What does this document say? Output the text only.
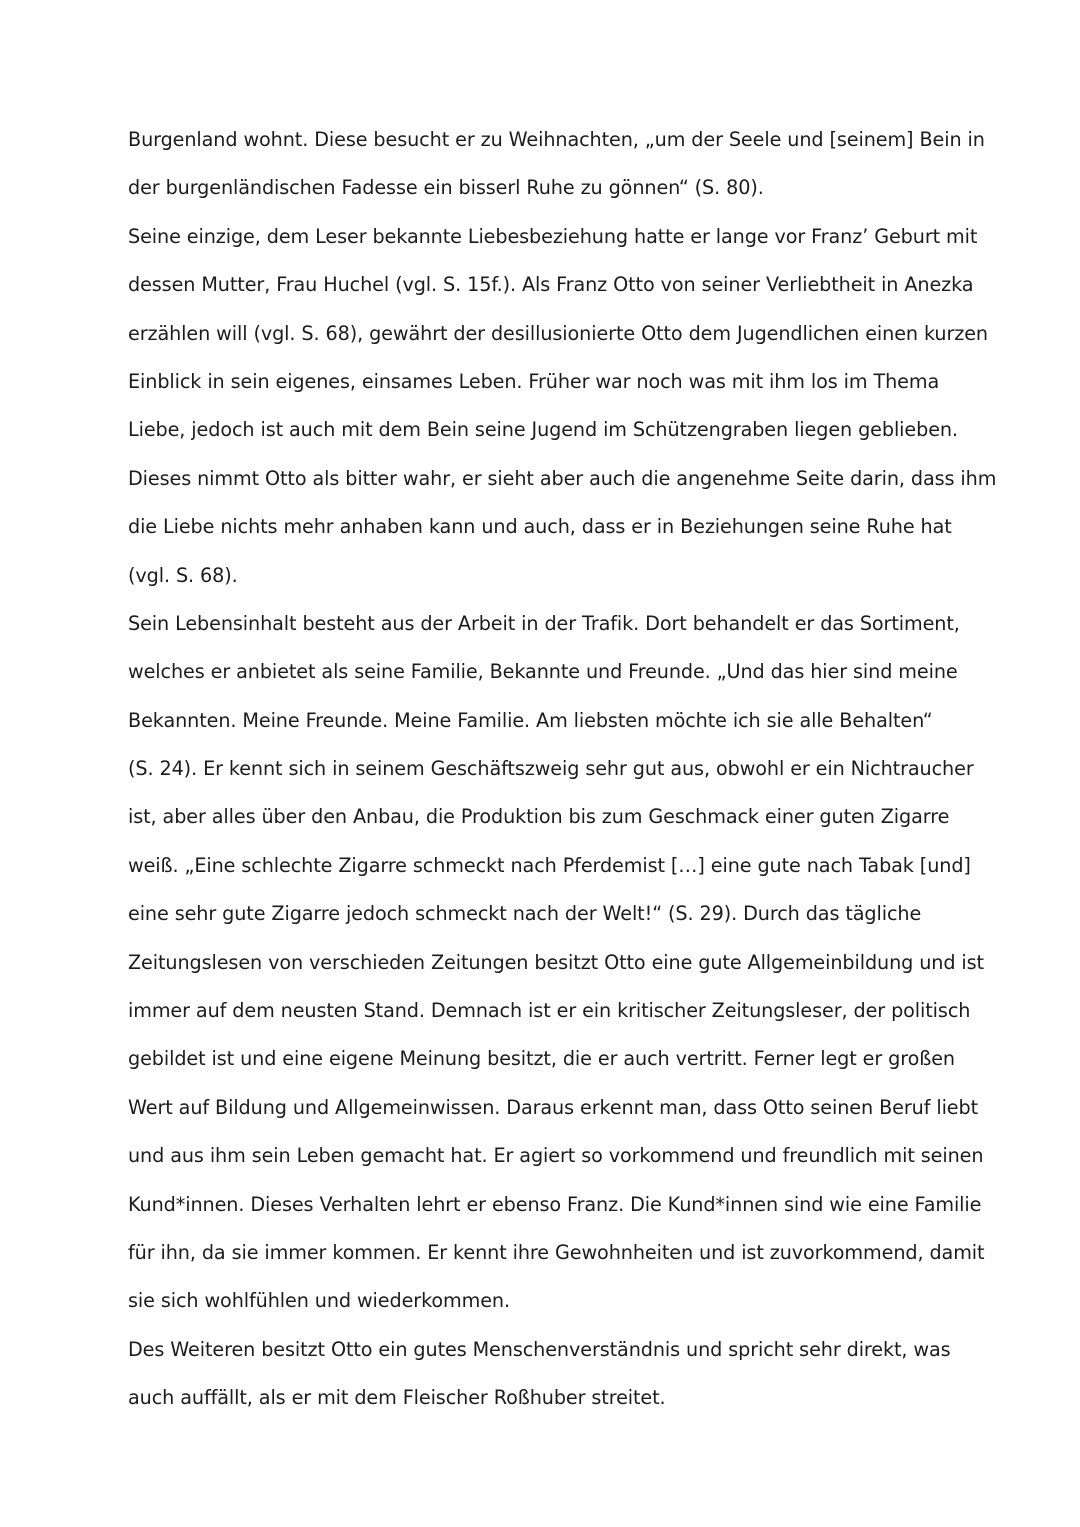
Burgenland wohnt. Diese besucht er zu Weihnachten, „um der Seele und [seinem] Bein in
der burgenländischen Fadesse ein bisserl Ruhe zu gönnen“ (S. 80).
Seine einzige, dem Leser bekannte Liebesbeziehung hatte er lange vor Franz’ Geburt mit
dessen Mutter, Frau Huchel (vgl. S. 15f.). Als Franz Otto von seiner Verliebtheit in Anezka
erzählen will (vgl. S. 68), gewährt der desillusionierte Otto dem Jugendlichen einen kurzen
Einblick in sein eigenes, einsames Leben. Früher war noch was mit ihm los im Thema
Liebe, jedoch ist auch mit dem Bein seine Jugend im Schützengraben liegen geblieben.
Dieses nimmt Otto als bitter wahr, er sieht aber auch die angenehme Seite darin, dass ihm
die Liebe nichts mehr anhaben kann und auch, dass er in Beziehungen seine Ruhe hat
(vgl. S. 68).
Sein Lebensinhalt besteht aus der Arbeit in der Trafik. Dort behandelt er das Sortiment,
welches er anbietet als seine Familie, Bekannte und Freunde. „Und das hier sind meine
Bekannten. Meine Freunde. Meine Familie. Am liebsten möchte ich sie alle Behalten“
(S. 24). Er kennt sich in seinem Geschäftszweig sehr gut aus, obwohl er ein Nichtraucher
ist, aber alles über den Anbau, die Produktion bis zum Geschmack einer guten Zigarre
weiß. „Eine schlechte Zigarre schmeckt nach Pferdemist […] eine gute nach Tabak [und]
eine sehr gute Zigarre jedoch schmeckt nach der Welt!“ (S. 29). Durch das tägliche
Zeitungslesen von verschieden Zeitungen besitzt Otto eine gute Allgemeinbildung und ist
immer auf dem neusten Stand. Demnach ist er ein kritischer Zeitungsleser, der politisch
gebildet ist und eine eigene Meinung besitzt, die er auch vertritt. Ferner legt er großen
Wert auf Bildung und Allgemeinwissen. Daraus erkennt man, dass Otto seinen Beruf liebt
und aus ihm sein Leben gemacht hat. Er agiert so vorkommend und freundlich mit seinen
Kund*innen. Dieses Verhalten lehrt er ebenso Franz. Die Kund*innen sind wie eine Familie
für ihn, da sie immer kommen. Er kennt ihre Gewohnheiten und ist zuvorkommend, damit
sie sich wohlfühlen und wiederkommen.
Des Weiteren besitzt Otto ein gutes Menschenverständnis und spricht sehr direkt, was
auch auffällt, als er mit dem Fleischer Roßhuber streitet.
